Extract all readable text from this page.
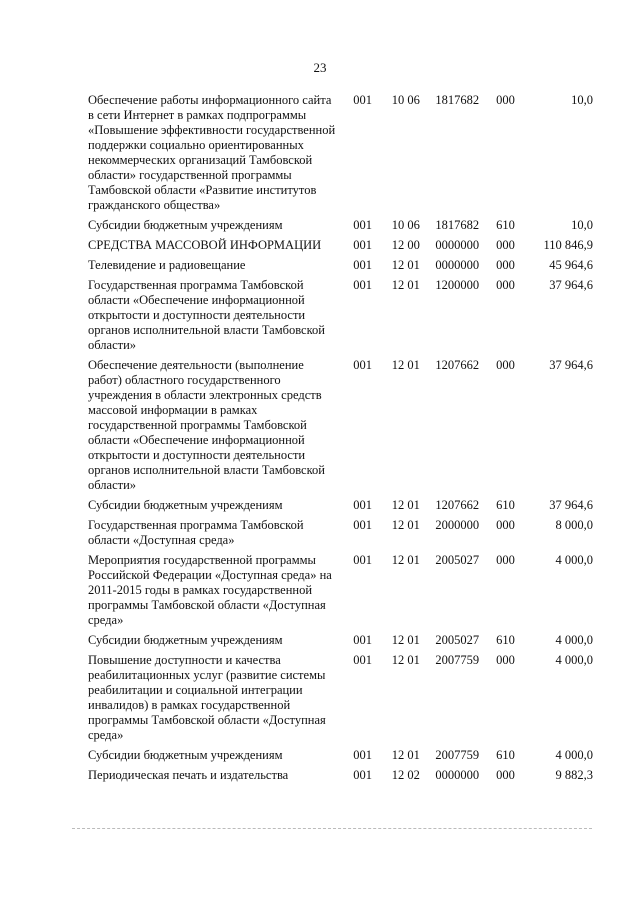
23
Обеспечение работы информационного сайта в сети Интернет в рамках подпрограммы «Повышение эффективности государственной поддержки социально ориентированных некоммерческих организаций Тамбовской области» государственной программы Тамбовской области «Развитие институтов гражданского общества»	001	10 06	1817682	000	10,0
Субсидии бюджетным учреждениям	001	10 06	1817682	610	10,0
СРЕДСТВА МАССОВОЙ ИНФОРМАЦИИ	001	12 00	0000000	000	110 846,9
Телевидение и радиовещание	001	12 01	0000000	000	45 964,6
Государственная программа Тамбовской области «Обеспечение информационной открытости и доступности деятельности органов исполнительной власти Тамбовской области»	001	12 01	1200000	000	37 964,6
Обеспечение деятельности (выполнение работ) областного государственного учреждения в области электронных средств массовой информации в рамках государственной программы Тамбовской области «Обеспечение информационной открытости и доступности деятельности органов исполнительной власти Тамбовской области»	001	12 01	1207662	000	37 964,6
Субсидии бюджетным учреждениям	001	12 01	1207662	610	37 964,6
Государственная программа Тамбовской области «Доступная среда»	001	12 01	2000000	000	8 000,0
Мероприятия государственной программы Российской Федерации «Доступная среда» на 2011-2015 годы в рамках государственной программы Тамбовской области «Доступная среда»	001	12 01	2005027	000	4 000,0
Субсидии бюджетным учреждениям	001	12 01	2005027	610	4 000,0
Повышение доступности и качества реабилитационных услуг (развитие системы реабилитации и социальной интеграции инвалидов) в рамках государственной программы Тамбовской области «Доступная среда»	001	12 01	2007759	000	4 000,0
Субсидии бюджетным учреждениям	001	12 01	2007759	610	4 000,0
Периодическая печать и издательства	001	12 02	0000000	000	9 882,3
